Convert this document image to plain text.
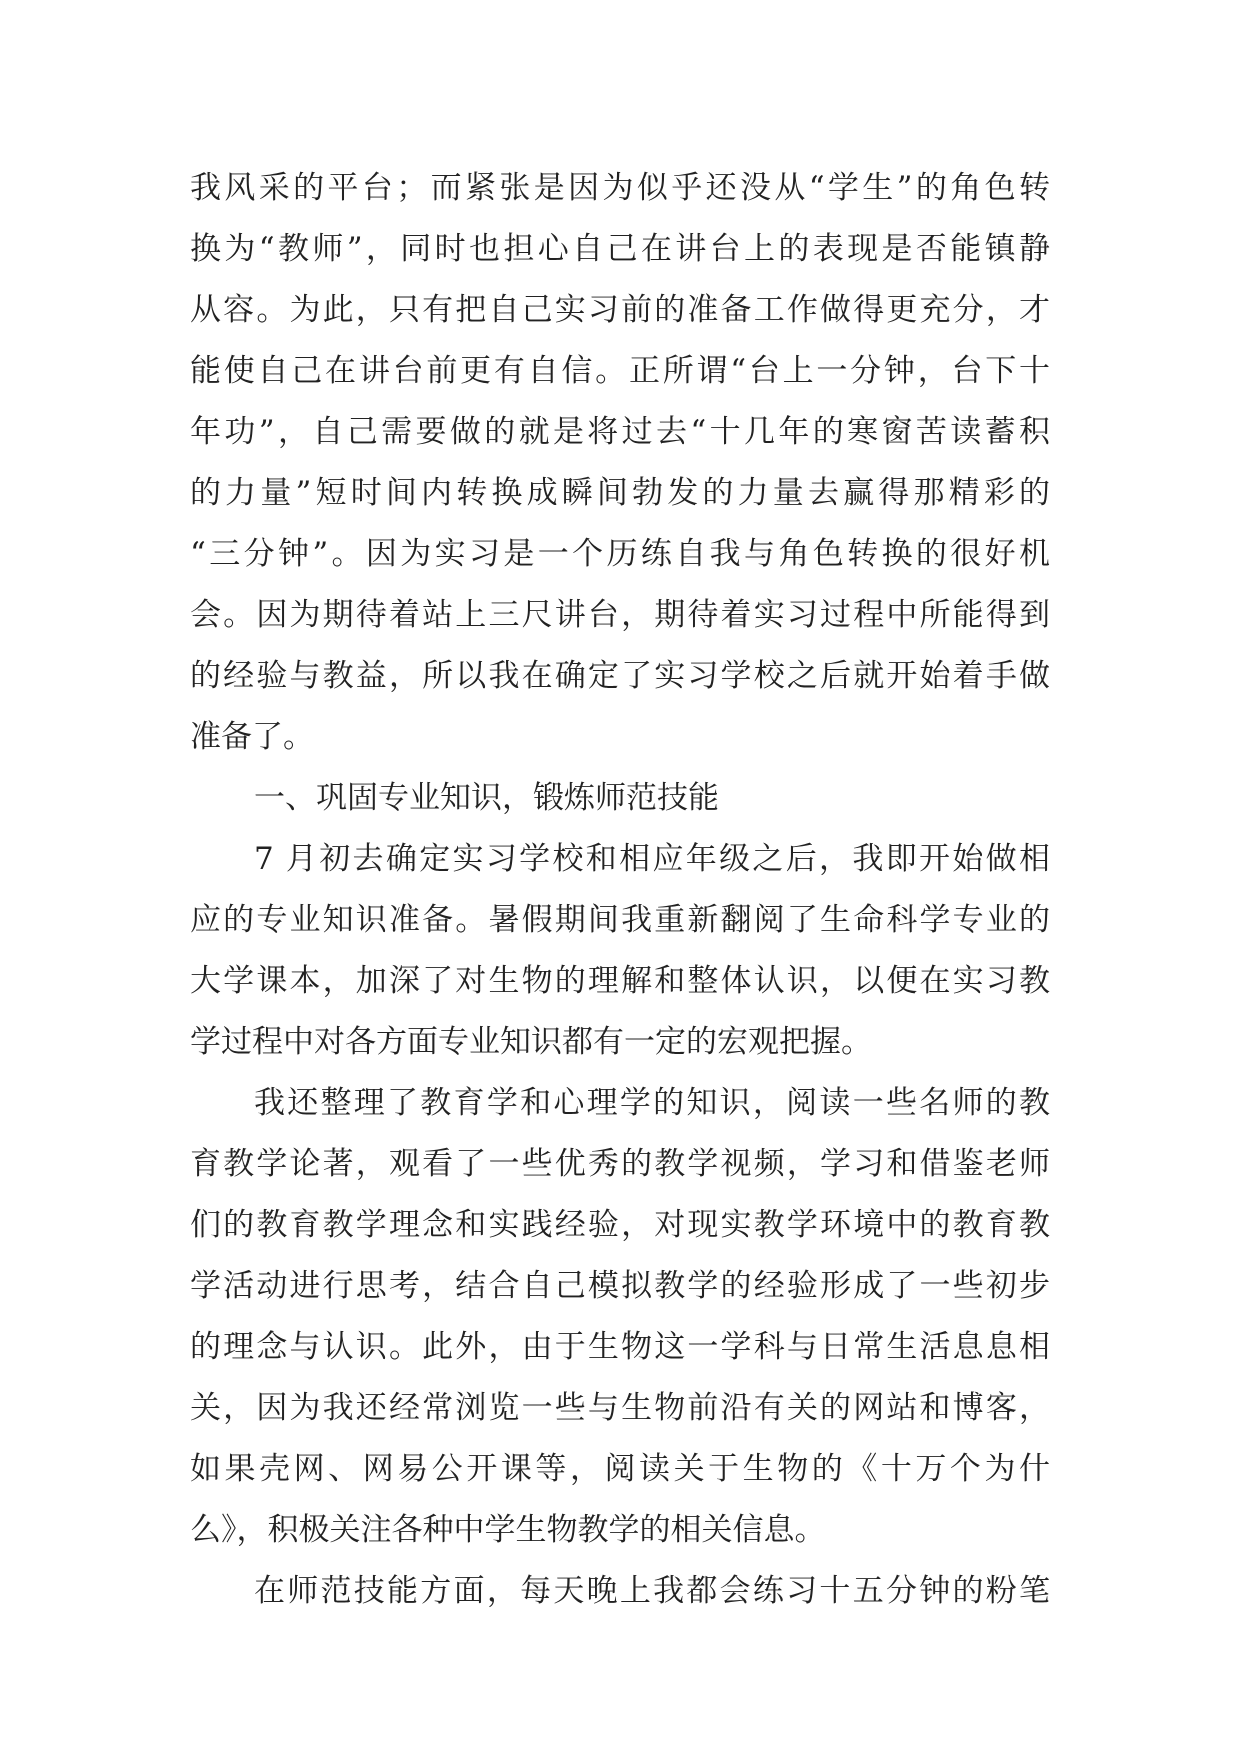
我风采的平台；而紧张是因为似乎还没从“学生”的角色转
换为“教师”，同时也担心自己在讲台上的表现是否能镇静
从容。为此，只有把自己实习前的准备工作做得更充分，才
能使自己在讲台前更有自信。正所谓“台上一分钟，台下十
年功”，自己需要做的就是将过去“十几年的寒窗苦读蓄积
的力量”短时间内转换成瞬间勃发的力量去赢得那精彩的
“三分钟”。因为实习是一个历练自我与角色转换的很好机
会。因为期待着站上三尺讲台，期待着实习过程中所能得到
的经验与教益，所以我在确定了实习学校之后就开始着手做
准备了。
一、巩固专业知识，锻炼师范技能
7 月初去确定实习学校和相应年级之后，我即开始做相
应的专业知识准备。暑假期间我重新翻阅了生命科学专业的
大学课本，加深了对生物的理解和整体认识，以便在实习教
学过程中对各方面专业知识都有一定的宏观把握。
我还整理了教育学和心理学的知识，阅读一些名师的教
育教学论著，观看了一些优秀的教学视频，学习和借鉴老师
们的教育教学理念和实践经验，对现实教学环境中的教育教
学活动进行思考，结合自己模拟教学的经验形成了一些初步
的理念与认识。此外，由于生物这一学科与日常生活息息相
关，因为我还经常浏览一些与生物前沿有关的网站和博客，
如果壳网、网易公开课等，阅读关于生物的《十万个为什
么》，积极关注各种中学生物教学的相关信息。
在师范技能方面，每天晚上我都会练习十五分钟的粉笔
